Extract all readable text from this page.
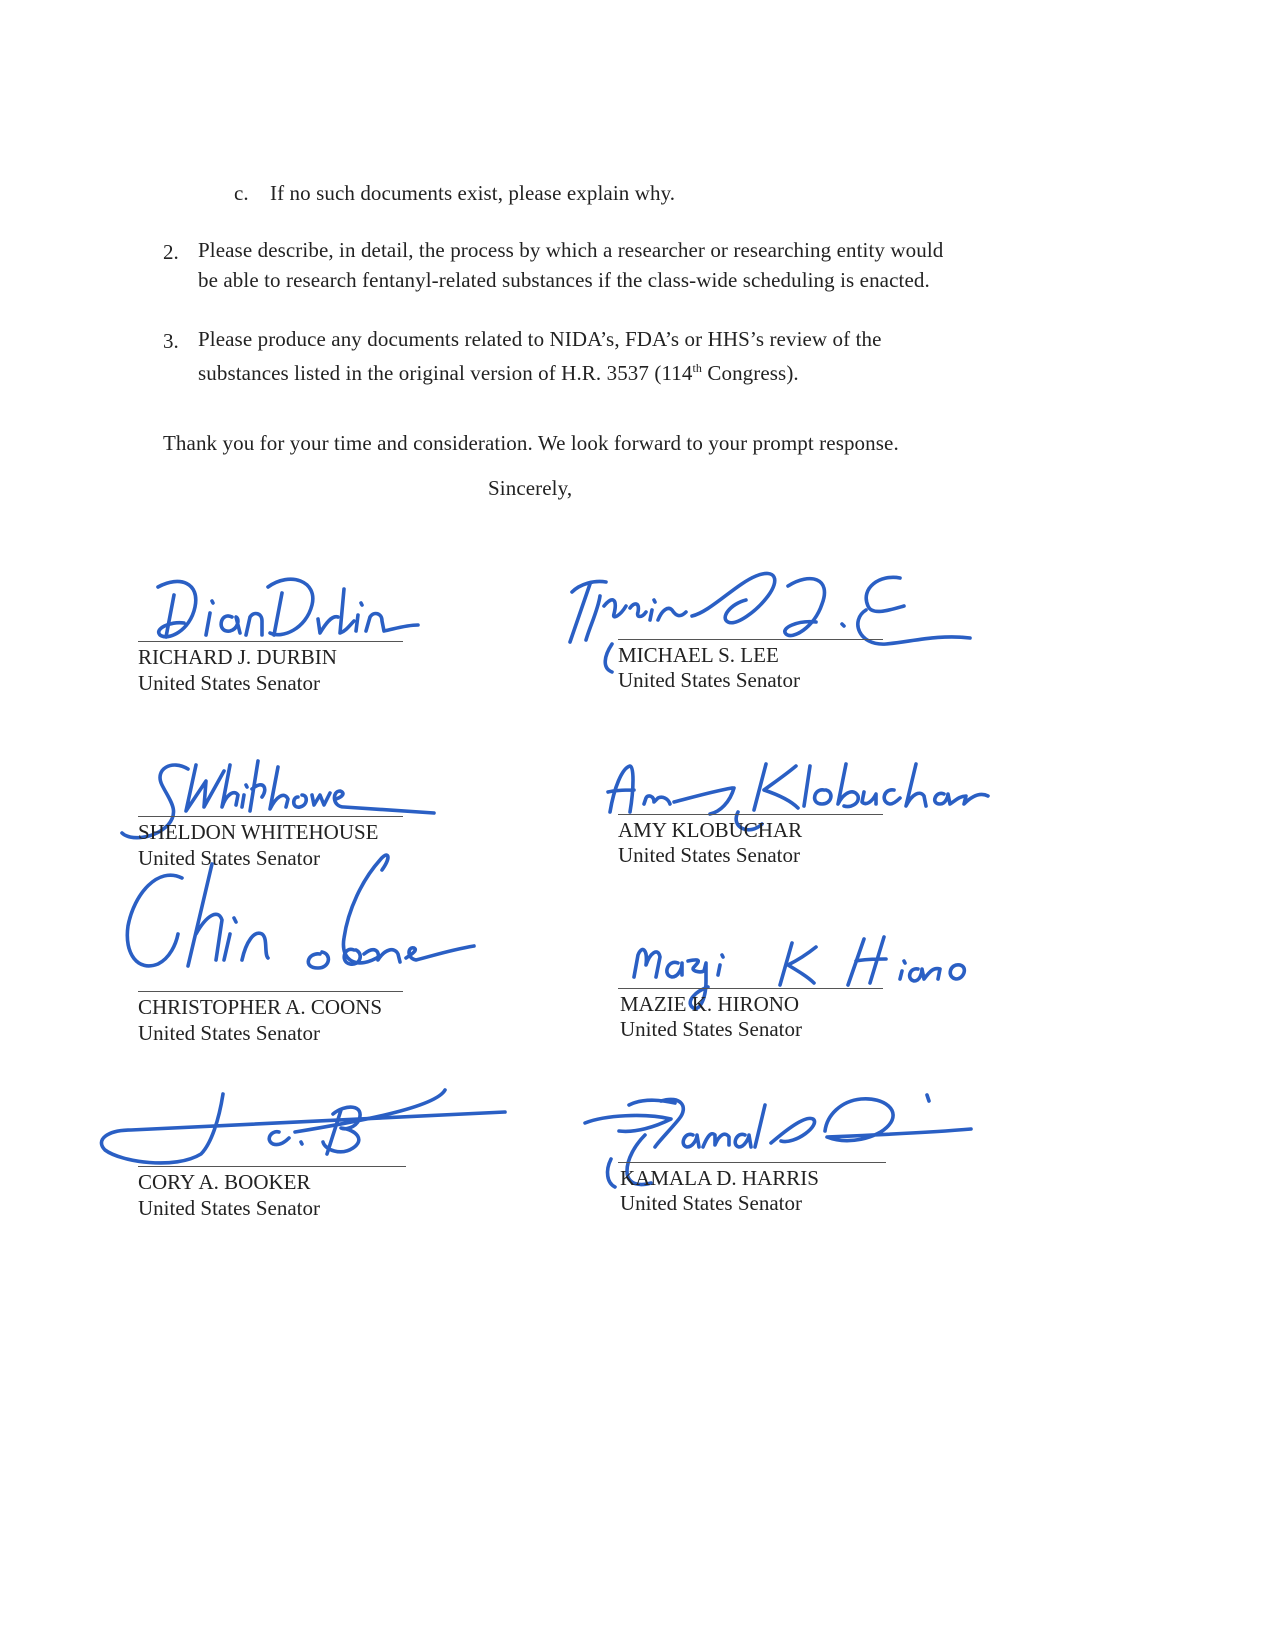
c. If no such documents exist, please explain why.
2. Please describe, in detail, the process by which a researcher or researching entity would
be able to research fentanyl-related substances if the class-wide scheduling is enacted.
3. Please produce any documents related to NIDA’s, FDA’s or HHS’s review of the
substances listed in the original version of H.R. 3537 (114th Congress).
Thank you for your time and consideration. We look forward to your prompt response.
Sincerely,
RICHARD J. DURBIN
United States Senator
MICHAEL S. LEE
United States Senator
SHELDON WHITEHOUSE
United States Senator
AMY KLOBUCHAR
United States Senator
CHRISTOPHER A. COONS
United States Senator
MAZIE K. HIRONO
United States Senator
CORY A. BOOKER
United States Senator
KAMALA D. HARRIS
United States Senator
